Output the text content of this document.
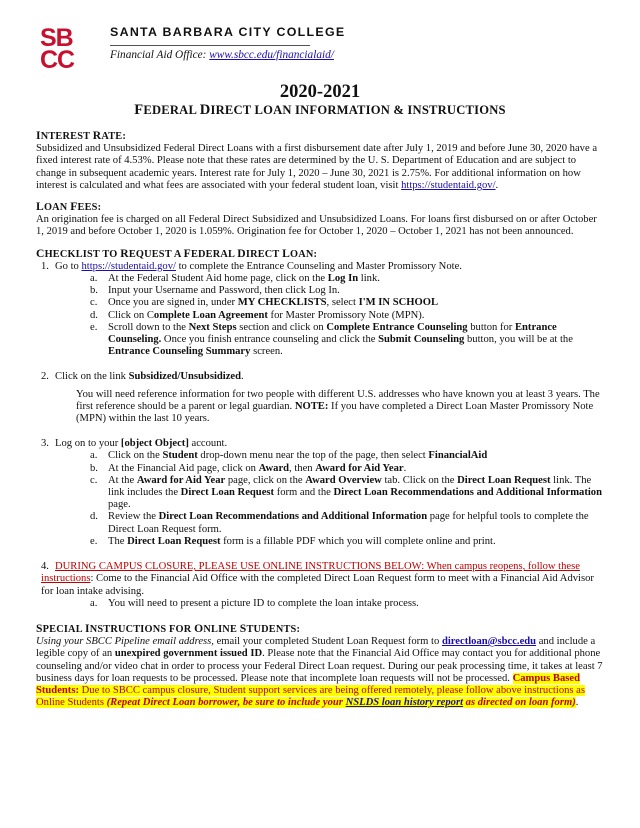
SB
CC
SANTA BARBARA CITY COLLEGE
Financial Aid Office: www.sbcc.edu/financialaid/
2020-2021
FEDERAL DIRECT LOAN INFORMATION & INSTRUCTIONS

INTEREST RATE:

Subsidized and Unsubsidized Federal Direct Loans with a first disbursement date after July 1, 2019 and before June 30, 2020 have a fixed interest rate of 4.53%. Please note that these rates are determined by the U. S. Department of Education and are subject to change in subsequent academic years. Interest rate for July 1, 2020 – June 30, 2021 is 2.75%. For additional information on how interest is calculated and what fees are associated with your federal student loan, visit https://studentaid.gov/.

LOAN FEES:

An origination fee is charged on all Federal Direct Subsidized and Unsubsidized Loans. For loans first disbursed on or after October 1, 2019 and before October 1, 2020 is 1.059%. Origination fee for October 1, 2020 – October 1, 2021 has not been announced.

CHECKLIST TO REQUEST A FEDERAL DIRECT LOAN:

1. Go to https://studentaid.gov/ to complete the Entrance Counseling and Master Promissory Note.
a. At the Federal Student Aid home page, click on the Log In link.
b. Input your Username and Password, then click Log In.
c. Once you are signed in, under MY CHECKLISTS, select I'M IN SCHOOL
d. Click on Complete Loan Agreement for Master Promissory Note (MPN).
e. Scroll down to the Next Steps section and click on Complete Entrance Counseling button for Entrance Counseling. Once you finish entrance counseling and click the Submit Counseling button, you will be at the Entrance Counseling Summary screen.
2. Click on the link Subsidized/Unsubsidized.

You will need reference information for two people with different U.S. addresses who have known you at least 3 years. The first reference should be a parent or legal guardian. NOTE: If you have completed a Direct Loan Master Promissory Note (MPN) within the last 10 years.

3. Log on to your [object Object] account.
a. Click on the Student drop-down menu near the top of the page, then select FinancialAid
b. At the Financial Aid page, click on Award, then Award for Aid Year.
c. At the Award for Aid Year page, click on the Award Overview tab. Click on the Direct Loan Request link. The link includes the Direct Loan Request form and the Direct Loan Recommendations and Additional Information page.
d. Review the Direct Loan Recommendations and Additional Information page for helpful tools to complete the Direct Loan Request form.
e. The Direct Loan Request form is a fillable PDF which you will complete online and print.
4. DURING CAMPUS CLOSURE, PLEASE USE ONLINE INSTRUCTIONS BELOW: When campus reopens, follow these instructions: Come to the Financial Aid Office with the completed Direct Loan Request form to meet with a Financial Aid Advisor for loan intake advising.
a. You will need to present a picture ID to complete the loan intake process.

SPECIAL INSTRUCTIONS FOR ONLINE STUDENTS:

Using your SBCC Pipeline email address, email your completed Student Loan Request form to directloan@sbcc.edu and include a legible copy of an unexpired government issued ID. Please note that the Financial Aid Office may contact you for additional phone counseling and/or video chat in order to process your Federal Direct Loan request. During our peak processing time, it takes at least 7 business days for loan requests to be processed. Please note that incomplete loan requests will not be processed. Campus Based Students: Due to SBCC campus closure, Student support services are being offered remotely, please follow above instructions as Online Students (Repeat Direct Loan borrower, be sure to include your NSLDS loan history report as directed on loan form).
